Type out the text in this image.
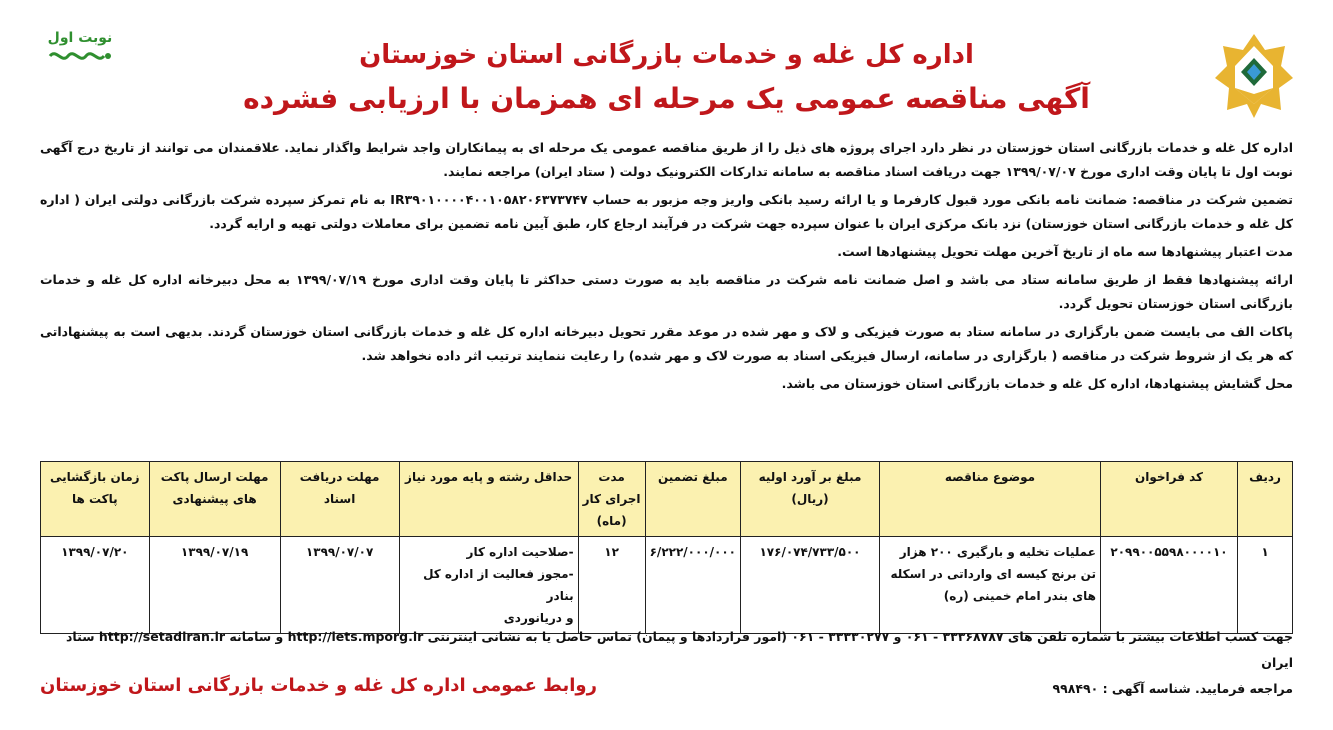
نوبت اول
اداره کل غله و خدمات بازرگانی استان خوزستان
آگهی مناقصه عمومی یک مرحله ای همزمان با ارزیابی فشرده

اداره کل غله و خدمات بازرگانی استان خوزستان در نظر دارد اجرای پروژه های ذیل را از طریق مناقصه عمومی یک مرحله ای به پیمانکاران واجد شرایط واگذار نماید. علاقمندان می توانند از تاریخ درج آگهی نوبت اول تا پایان وقت اداری مورخ ۱۳۹۹/۰۷/۰۷ جهت دریافت اسناد مناقصه به سامانه تدارکات الکترونیک دولت ( ستاد ایران) مراجعه نمایند.

تضمین شرکت در مناقصه: ضمانت نامه بانکی مورد قبول کارفرما و یا ارائه رسید بانکی واریز وجه مزبور به حساب IR۳۹۰۱۰۰۰۰۴۰۰۱۰۵۸۲۰۶۳۷۳۷۴۷ به نام تمرکز سپرده شرکت بازرگانی دولتی ایران ( اداره کل غله و خدمات بازرگانی استان خوزستان) نزد بانک مرکزی ایران با عنوان سپرده جهت شرکت در فرآیند ارجاع کار، طبق آیین نامه تضمین برای معاملات دولتی تهیه و ارایه گردد.

مدت اعتبار پیشنهادها سه ماه از تاریخ آخرین مهلت تحویل پیشنهادها است.

ارائه پیشنهادها فقط از طریق سامانه ستاد می باشد و اصل ضمانت نامه شرکت در مناقصه باید به صورت دستی حداکثر تا پایان وقت اداری مورخ ۱۳۹۹/۰۷/۱۹ به محل دبیرخانه اداره کل غله و خدمات بازرگانی استان خوزستان تحویل گردد.

پاکات الف می بایست ضمن بارگزاری در سامانه ستاد به صورت فیزیکی و لاک و مهر شده در موعد مقرر تحویل دبیرخانه اداره کل غله و خدمات بازرگانی استان خوزستان گردند. بدیهی است به پیشنهاداتی که هر یک از شروط شرکت در مناقصه ( بارگزاری در سامانه، ارسال فیزیکی اسناد به صورت لاک و مهر شده) را رعایت ننمایند ترتیب اثر داده نخواهد شد.

محل گشایش پیشنهادها، اداره کل غله و خدمات بازرگانی استان خوزستان می باشد.

ردیف	کد فراخوان	موضوع مناقصه	مبلغ بر آورد اولیه (ریال)	مبلغ تضمین	مدت اجرای کار (ماه)	حداقل رشته و پایه مورد نیاز	مهلت دریافت اسناد	مهلت ارسال پاکت های پیشنهادی	زمان بازگشایی پاکت ها
۱	۲۰۹۹۰۰۵۵۹۸۰۰۰۰۱۰	عملیات تخلیه و بارگیری ۲۰۰ هزار تن برنج کیسه ای وارداتی در اسکله های بندر امام خمینی (ره)	۱۷۶/۰۷۴/۷۳۳/۵۰۰	۶/۲۲۲/۰۰۰/۰۰۰	۱۲	-صلاحیت اداره کار
-مجوز فعالیت از اداره کل بنادر
و دریانوردی	۱۳۹۹/۰۷/۰۷	۱۳۹۹/۰۷/۱۹	۱۳۹۹/۰۷/۲۰
جهت کسب اطلاعات بیشتر با شماره تلفن های ۳۳۳۶۸۷۸۷ - ۰۶۱ و ۳۳۳۳۰۲۷۷ - ۰۶۱ (امور قراردادها و پیمان) تماس حاصل یا به نشانی اینترنتی http://iets.mporg.ir و سامانه http://setadiran.ir ستاد ایران
مراجعه فرمایید. شناسه آگهی : ۹۹۸۴۹۰
روابط عمومی اداره کل غله و خدمات بازرگانی استان خوزستان
